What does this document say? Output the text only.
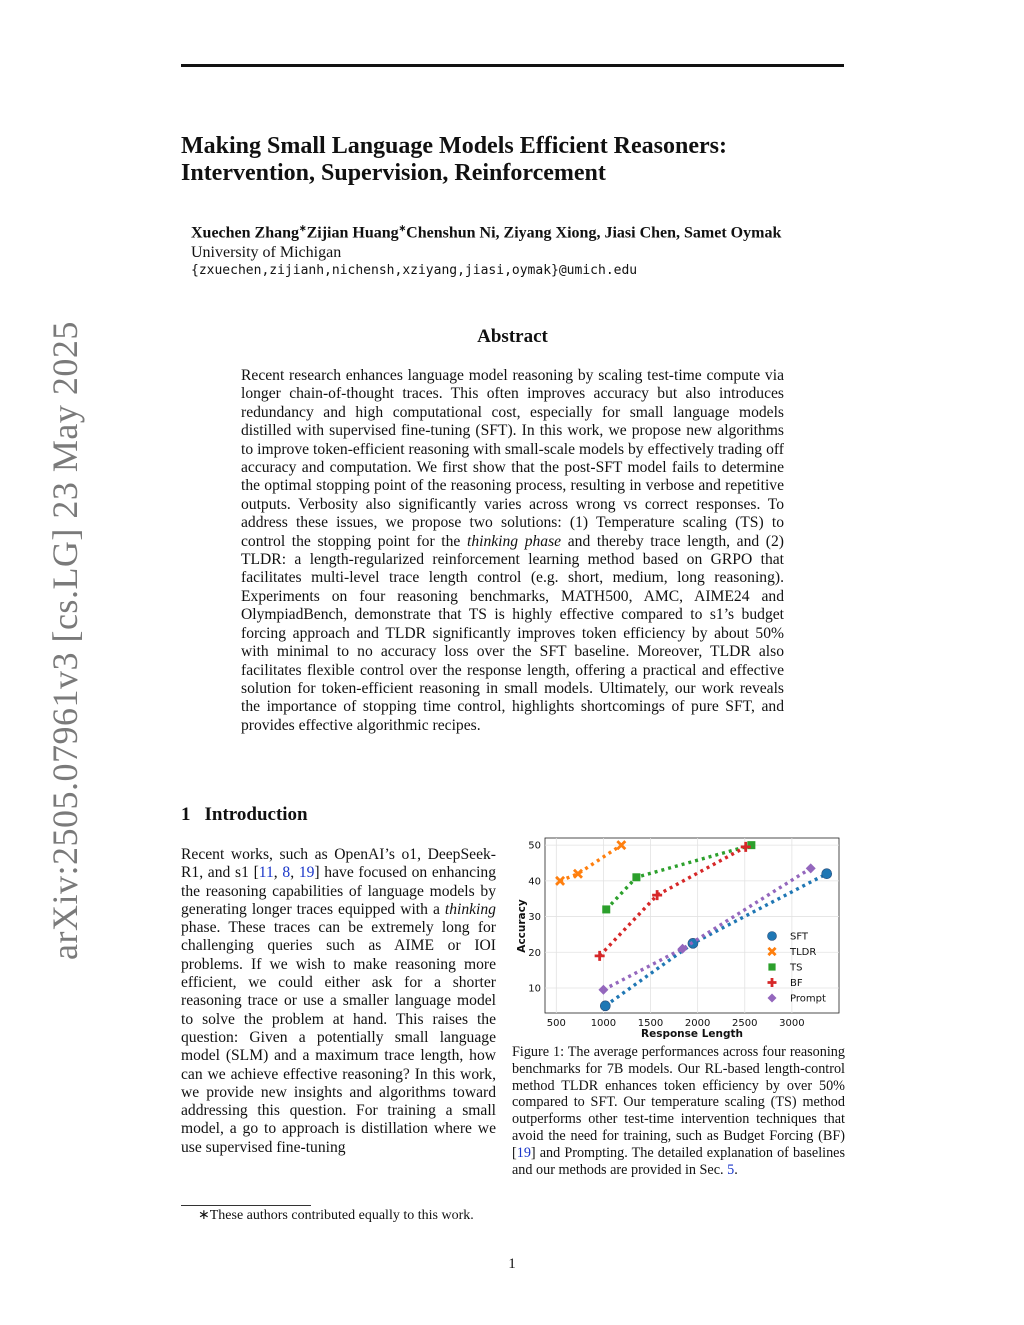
arXiv:2505.07961v3 [cs.LG] 23 May 2025
Making Small Language Models Efficient Reasoners:
Intervention, Supervision, Reinforcement
Xuechen Zhang∗Zijian Huang∗Chenshun Ni, Ziyang Xiong, Jiasi Chen, Samet Oymak
University of Michigan
{zxuechen,zijianh,nichensh,xziyang,jiasi,oymak}@umich.edu
Abstract

Recent research enhances language model reasoning by scaling test-time compute via longer chain-of-thought traces. This often improves accuracy but also introduces redundancy and high computational cost, especially for small language models distilled with supervised fine-tuning (SFT). In this work, we propose new algorithms to improve token-efficient reasoning with small-scale models by effectively trading off accuracy and computation. We first show that the post-SFT model fails to determine the optimal stopping point of the reasoning process, resulting in verbose and repetitive outputs. Verbosity also significantly varies across wrong vs correct responses. To address these issues, we propose two solutions: (1) Temperature scaling (TS) to control the stopping point for the thinking phase and thereby trace length, and (2) TLDR: a length-regularized reinforcement learning method based on GRPO that facilitates multi-level trace length control (e.g. short, medium, long reasoning). Experiments on four reasoning benchmarks, MATH500, AMC, AIME24 and OlympiadBench, demonstrate that TS is highly effective compared to s1’s budget forcing approach and TLDR significantly improves token efficiency by about 50% with minimal to no accuracy loss over the SFT baseline. Moreover, TLDR also facilitates flexible control over the response length, offering a practical and effective solution for token-efficient reasoning in small models. Ultimately, our work reveals the importance of stopping time control, highlights shortcomings of pure SFT, and provides effective algorithmic recipes.

1 Introduction

Recent works, such as OpenAI’s o1, DeepSeek-R1, and s1 [11, 8, 19] have focused on enhancing the reasoning capabilities of language models by generating longer traces equipped with a thinking phase. These traces can be extremely long for challenging queries such as AIME or IOI problems. If we wish to make reasoning more efficient, we could either ask for a shorter reasoning trace or use a smaller language model to solve the problem at hand. This raises the question: Given a potentially small language model (SLM) and a maximum trace length, how can we achieve effective reasoning? In this work, we provide new insights and algorithms toward addressing this question. For training a small model, a go to approach is distillation where we use supervised fine-tuning

500 1000 1500 2000 2500 3000
10
20
30
40
50
SFT
TLDR
TS
BF
Prompt
Response Length
Accuracy

Figure 1: The average performances across four reasoning benchmarks for 7B models. Our RL-based length-control method TLDR enhances token efficiency by over 50% compared to SFT. Our temperature scaling (TS) method outperforms other test-time intervention techniques that avoid the need for training, such as Budget Forcing (BF) [19] and Prompting. The detailed explanation of baselines and our methods are provided in Sec. 5.

∗These authors contributed equally to this work.
1
